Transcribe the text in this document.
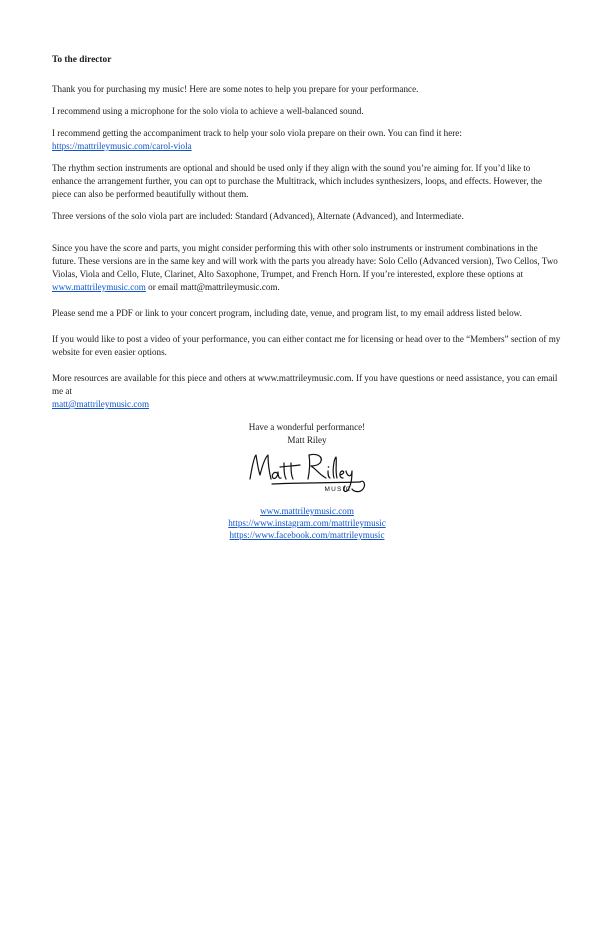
To the director

Thank you for purchasing my music! Here are some notes to help you prepare for your performance.

I recommend using a microphone for the solo viola to achieve a well-balanced sound.

I recommend getting the accompaniment track to help your solo viola prepare on their own. You can find it here:
https://mattrileymusic.com/carol-viola

The rhythm section instruments are optional and should be used only if they align with the sound you’re aiming for. If you’d like to enhance the arrangement further, you can opt to purchase the Multitrack, which includes synthesizers, loops, and effects. However, the piece can also be performed beautifully without them.

Three versions of the solo viola part are included: Standard (Advanced), Alternate (Advanced), and Intermediate.

Since you have the score and parts, you might consider performing this with other solo instruments or instrument combinations in the future. These versions are in the same key and will work with the parts you already have: Solo Cello (Advanced version), Two Cellos, Two Violas, Viola and Cello, Flute, Clarinet, Alto Saxophone, Trumpet, and French Horn. If you’re interested, explore these options at www.mattrileymusic.com or email matt@mattrileymusic.com.

Please send me a PDF or link to your concert program, including date, venue, and program list, to my email address listed below.

If you would like to post a video of your performance, you can either contact me for licensing or head over to the “Members” section of my website for even easier options.

More resources are available for this piece and others at www.mattrileymusic.com. If you have questions or need assistance, you can email me at
matt@mattrileymusic.com

Have a wonderful performance!
Matt Riley
MUSIC
www.mattrileymusic.com
https://www.instagram.com/mattrileymusic
https://www.facebook.com/mattrileymusic
